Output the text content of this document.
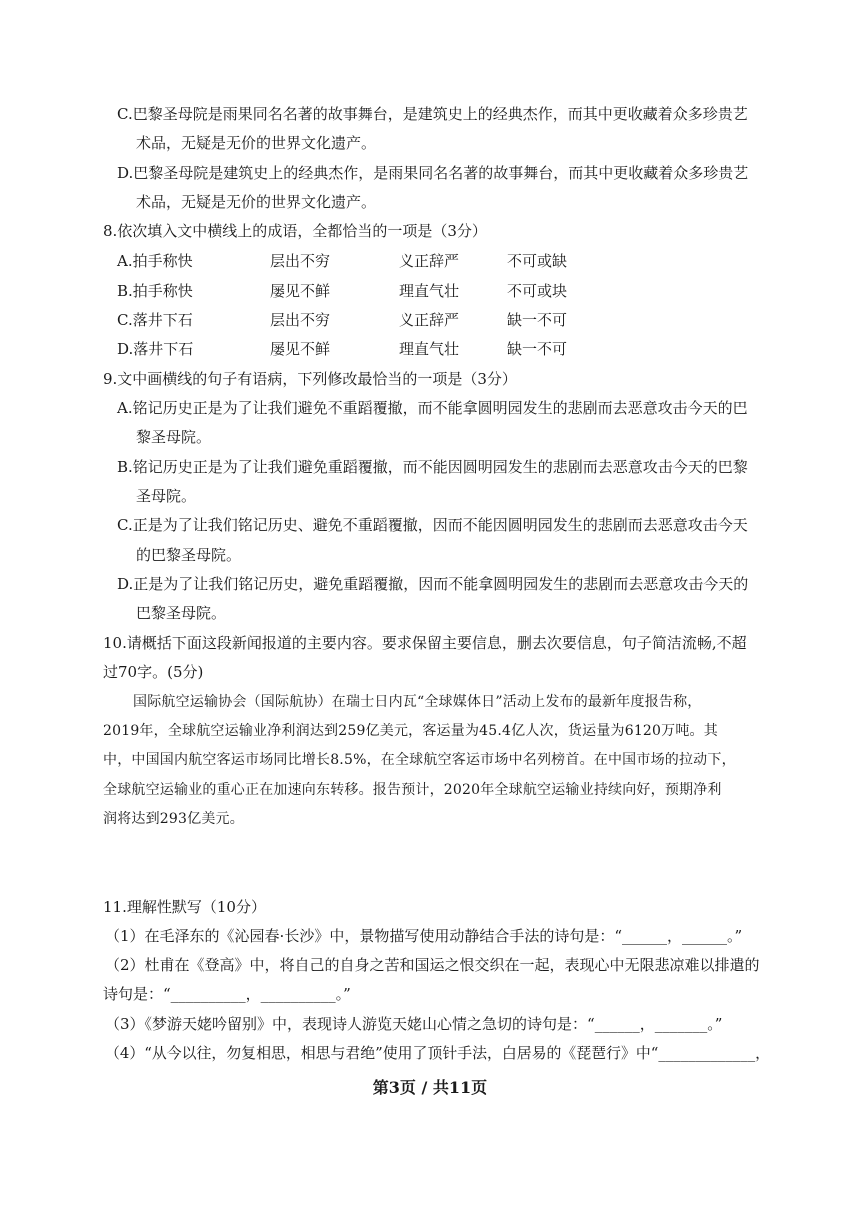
C.巴黎圣母院是雨果同名名著的故事舞台，是建筑史上的经典杰作，而其中更收藏着众多珍贵艺
术品，无疑是无价的世界文化遗产。
D.巴黎圣母院是建筑史上的经典杰作，是雨果同名名著的故事舞台，而其中更收藏着众多珍贵艺
术品，无疑是无价的世界文化遗产。
8.依次填入文中横线上的成语，全都恰当的一项是（3分）
A.拍手称快	层出不穷	义正辞严	不可或缺
B.拍手称快	屡见不鲜	理直气壮	不可或块
C.落井下石	层出不穷	义正辞严	缺一不可
D.落井下石	屡见不鲜	理直气壮	缺一不可
9.文中画横线的句子有语病，下列修改最恰当的一项是（3分）
A.铭记历史正是为了让我们避免不重蹈覆撤，而不能拿圆明园发生的悲剧而去恶意攻击今天的巴
黎圣母院。
B.铭记历史正是为了让我们避免重蹈覆撤，而不能因圆明园发生的悲剧而去恶意攻击今天的巴黎
圣母院。
C.正是为了让我们铭记历史、避免不重蹈覆撤，因而不能因圆明园发生的悲剧而去恶意攻击今天
的巴黎圣母院。
D.正是为了让我们铭记历史，避免重蹈覆撤，因而不能拿圆明园发生的悲剧而去恶意攻击今天的
巴黎圣母院。
10.请概括下面这段新闻报道的主要内容。要求保留主要信息，删去次要信息，句子简洁流畅,不超
过70字。(5分)
国际航空运输协会（国际航协）在瑞士日内瓦“全球媒体日”活动上发布的最新年度报告称，
2019年，全球航空运输业净利润达到259亿美元，客运量为45.4亿人次，货运量为6120万吨。其
中，中国国内航空客运市场同比增长8.5%，在全球航空客运市场中名列榜首。在中国市场的拉动下，
全球航空运输业的重心正在加速向东转移。报告预计，2020年全球航空运输业持续向好，预期净利
润将达到293亿美元。
11.理解性默写（10分）
（1）在毛泽东的《沁园春·长沙》中，景物描写使用动静结合手法的诗句是：“______，______。”
（2）杜甫在《登高》中，将自己的自身之苦和国运之恨交织在一起，表现心中无限悲凉难以排遣的
诗句是：“__________，__________。”
（3）《梦游天姥吟留别》中，表现诗人游览天姥山心情之急切的诗句是：“______，_______。”
（4）“从今以往，勿复相思，相思与君绝”使用了顶针手法，白居易的《琵琶行》中“_____________，
第3页 / 共11页
